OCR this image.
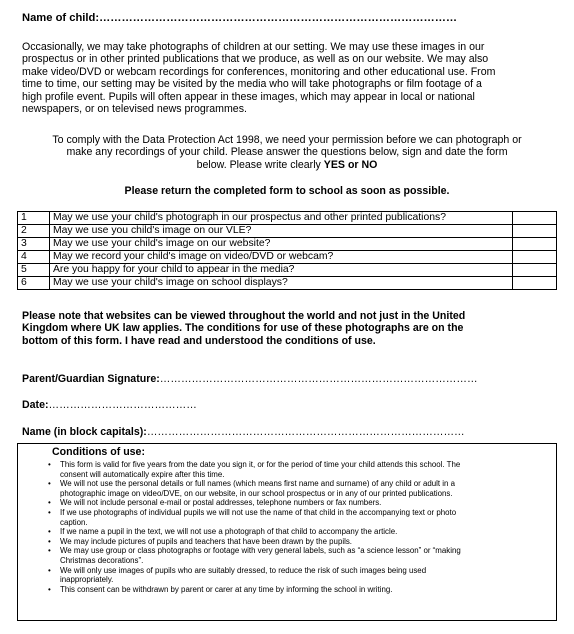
Name of child:……………………………………………………………………………………
Occasionally, we may take photographs of children at our setting. We may use these images in our
prospectus or in other printed publications that we produce, as well as on our website. We may also
make video/DVD or webcam recordings for conferences, monitoring and other educational use. From
time to time, our setting may be visited by the media who will take photographs or film footage of a
high profile event. Pupils will often appear in these images, which may appear in local or national
newspapers, or on televised news programmes.
To comply with the Data Protection Act 1998, we need your permission before we can photograph or
make any recordings of your child. Please answer the questions below, sign and date the form
below. Please write clearly YES or NO
Please return the completed form to school as soon as possible.
1	May we use your child's photograph in our prospectus and other printed publications?	
2	May we use you child's image on our VLE?	
3	May we use your child's image on our website?	
4	May we record your child's image on video/DVD or webcam?	
5	Are you happy for your child to appear in the media?	
6	May we use your child's image on school displays?	
Please note that websites can be viewed throughout the world and not just in the United
Kingdom where UK law applies. The conditions for use of these photographs are on the
bottom of this form. I have read and understood the conditions of use.
Parent/Guardian Signature:………………………………………………………………………………
Date:……………………………………
Name (in block capitals):………………………………………………………………………………
Conditions of use:
• This form is valid for five years from the date you sign it, or for the period of time your child attends this school. The
consent will automatically expire after this time.
• We will not use the personal details or full names (which means first name and surname) of any child or adult in a
photographic image on video/DVE, on our website, in our school prospectus or in any of our printed publications.
• We will not include personal e-mail or postal addresses, telephone numbers or fax numbers.
• If we use photographs of individual pupils we will not use the name of that child in the accompanying text or photo
caption.
• If we name a pupil in the text, we will not use a photograph of that child to accompany the article.
• We may include pictures of pupils and teachers that have been drawn by the pupils.
• We may use group or class photographs or footage with very general labels, such as “a science lesson” or “making
Christmas decorations”.
• We will only use images of pupils who are suitably dressed, to reduce the risk of such images being used
inappropriately.
• This consent can be withdrawn by parent or carer at any time by informing the school in writing.
